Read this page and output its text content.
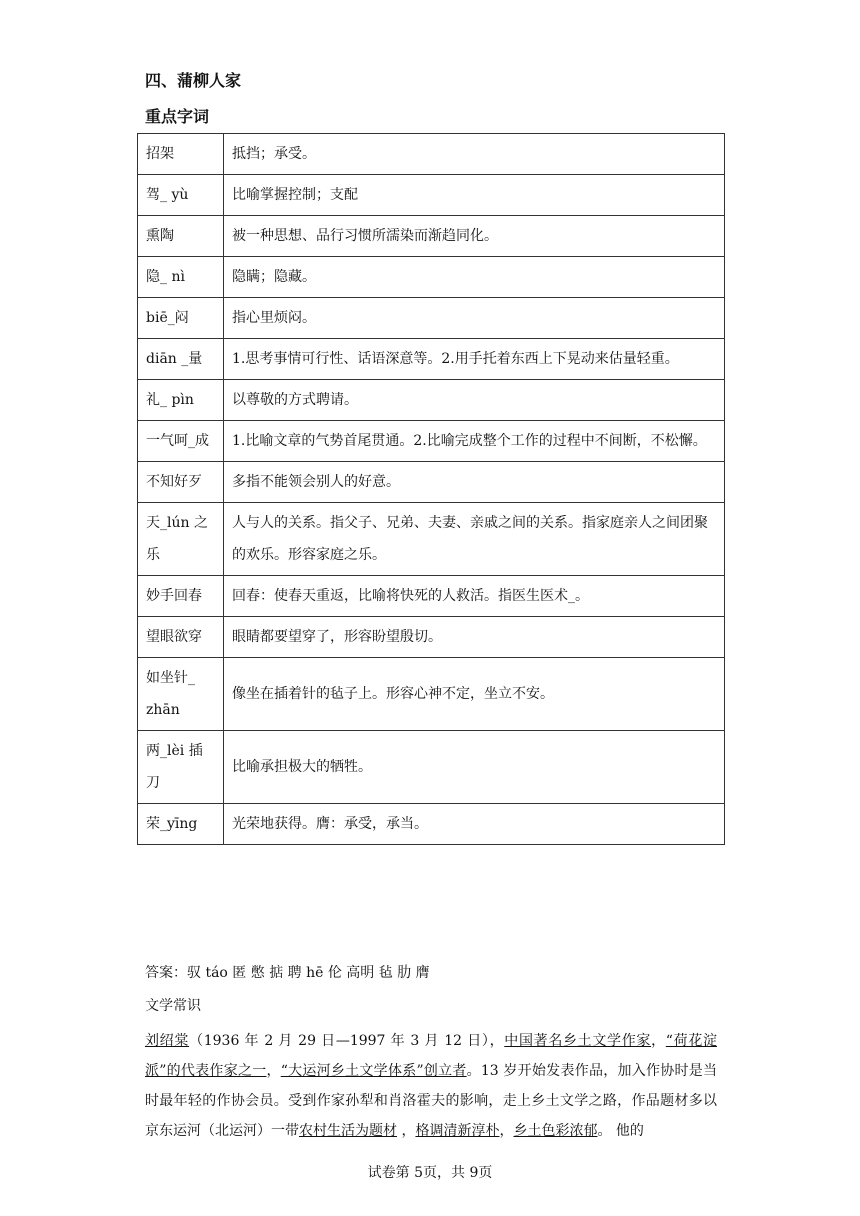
四、蒲柳人家
重点字词
招架	抵挡；承受。
驾_ yù	比喻掌握控制；支配
熏陶	被一种思想、品行习惯所濡染而渐趋同化。
隐_ nì	隐瞒；隐藏。
biē_闷	指心里烦闷。
diān _量	1.思考事情可行性、话语深意等。2.用手托着东西上下晃动来估量轻重。
礼_ pìn	以尊敬的方式聘请。
一气呵_成	1.比喻文章的气势首尾贯通。2.比喻完成整个工作的过程中不间断，不松懈。
不知好歹	多指不能领会别人的好意。
天_lún 之乐	人与人的关系。指父子、兄弟、夫妻、亲戚之间的关系。指家庭亲人之间团聚的欢乐。形容家庭之乐。
妙手回春	回春：使春天重返，比喻将快死的人救活。指医生医术_。
望眼欲穿	眼睛都要望穿了，形容盼望殷切。
如坐针_ zhān	像坐在插着针的毡子上。形容心神不定，坐立不安。
两_lèi 插刀	比喻承担极大的牺牲。
荣_yīng	光荣地获得。膺：承受，承当。
答案：驭 táo 匿 憋 掂 聘 hē 伦 高明 毡 肋 膺
文学常识
刘绍棠（1936 年 2 月 29 日—1997 年 3 月 12 日），中国著名乡土文学作家，“荷花淀派”的代表作家之一，“大运河乡土文学体系”创立者。13 岁开始发表作品，加入作协时是当时最年轻的作协会员。受到作家孙犁和肖洛霍夫的影响，走上乡土文学之路，作品题材多以京东运河（北运河）一带农村生活为题材 ，格调清新淳朴，乡土色彩浓郁。 他的
试卷第 5页，共 9页
